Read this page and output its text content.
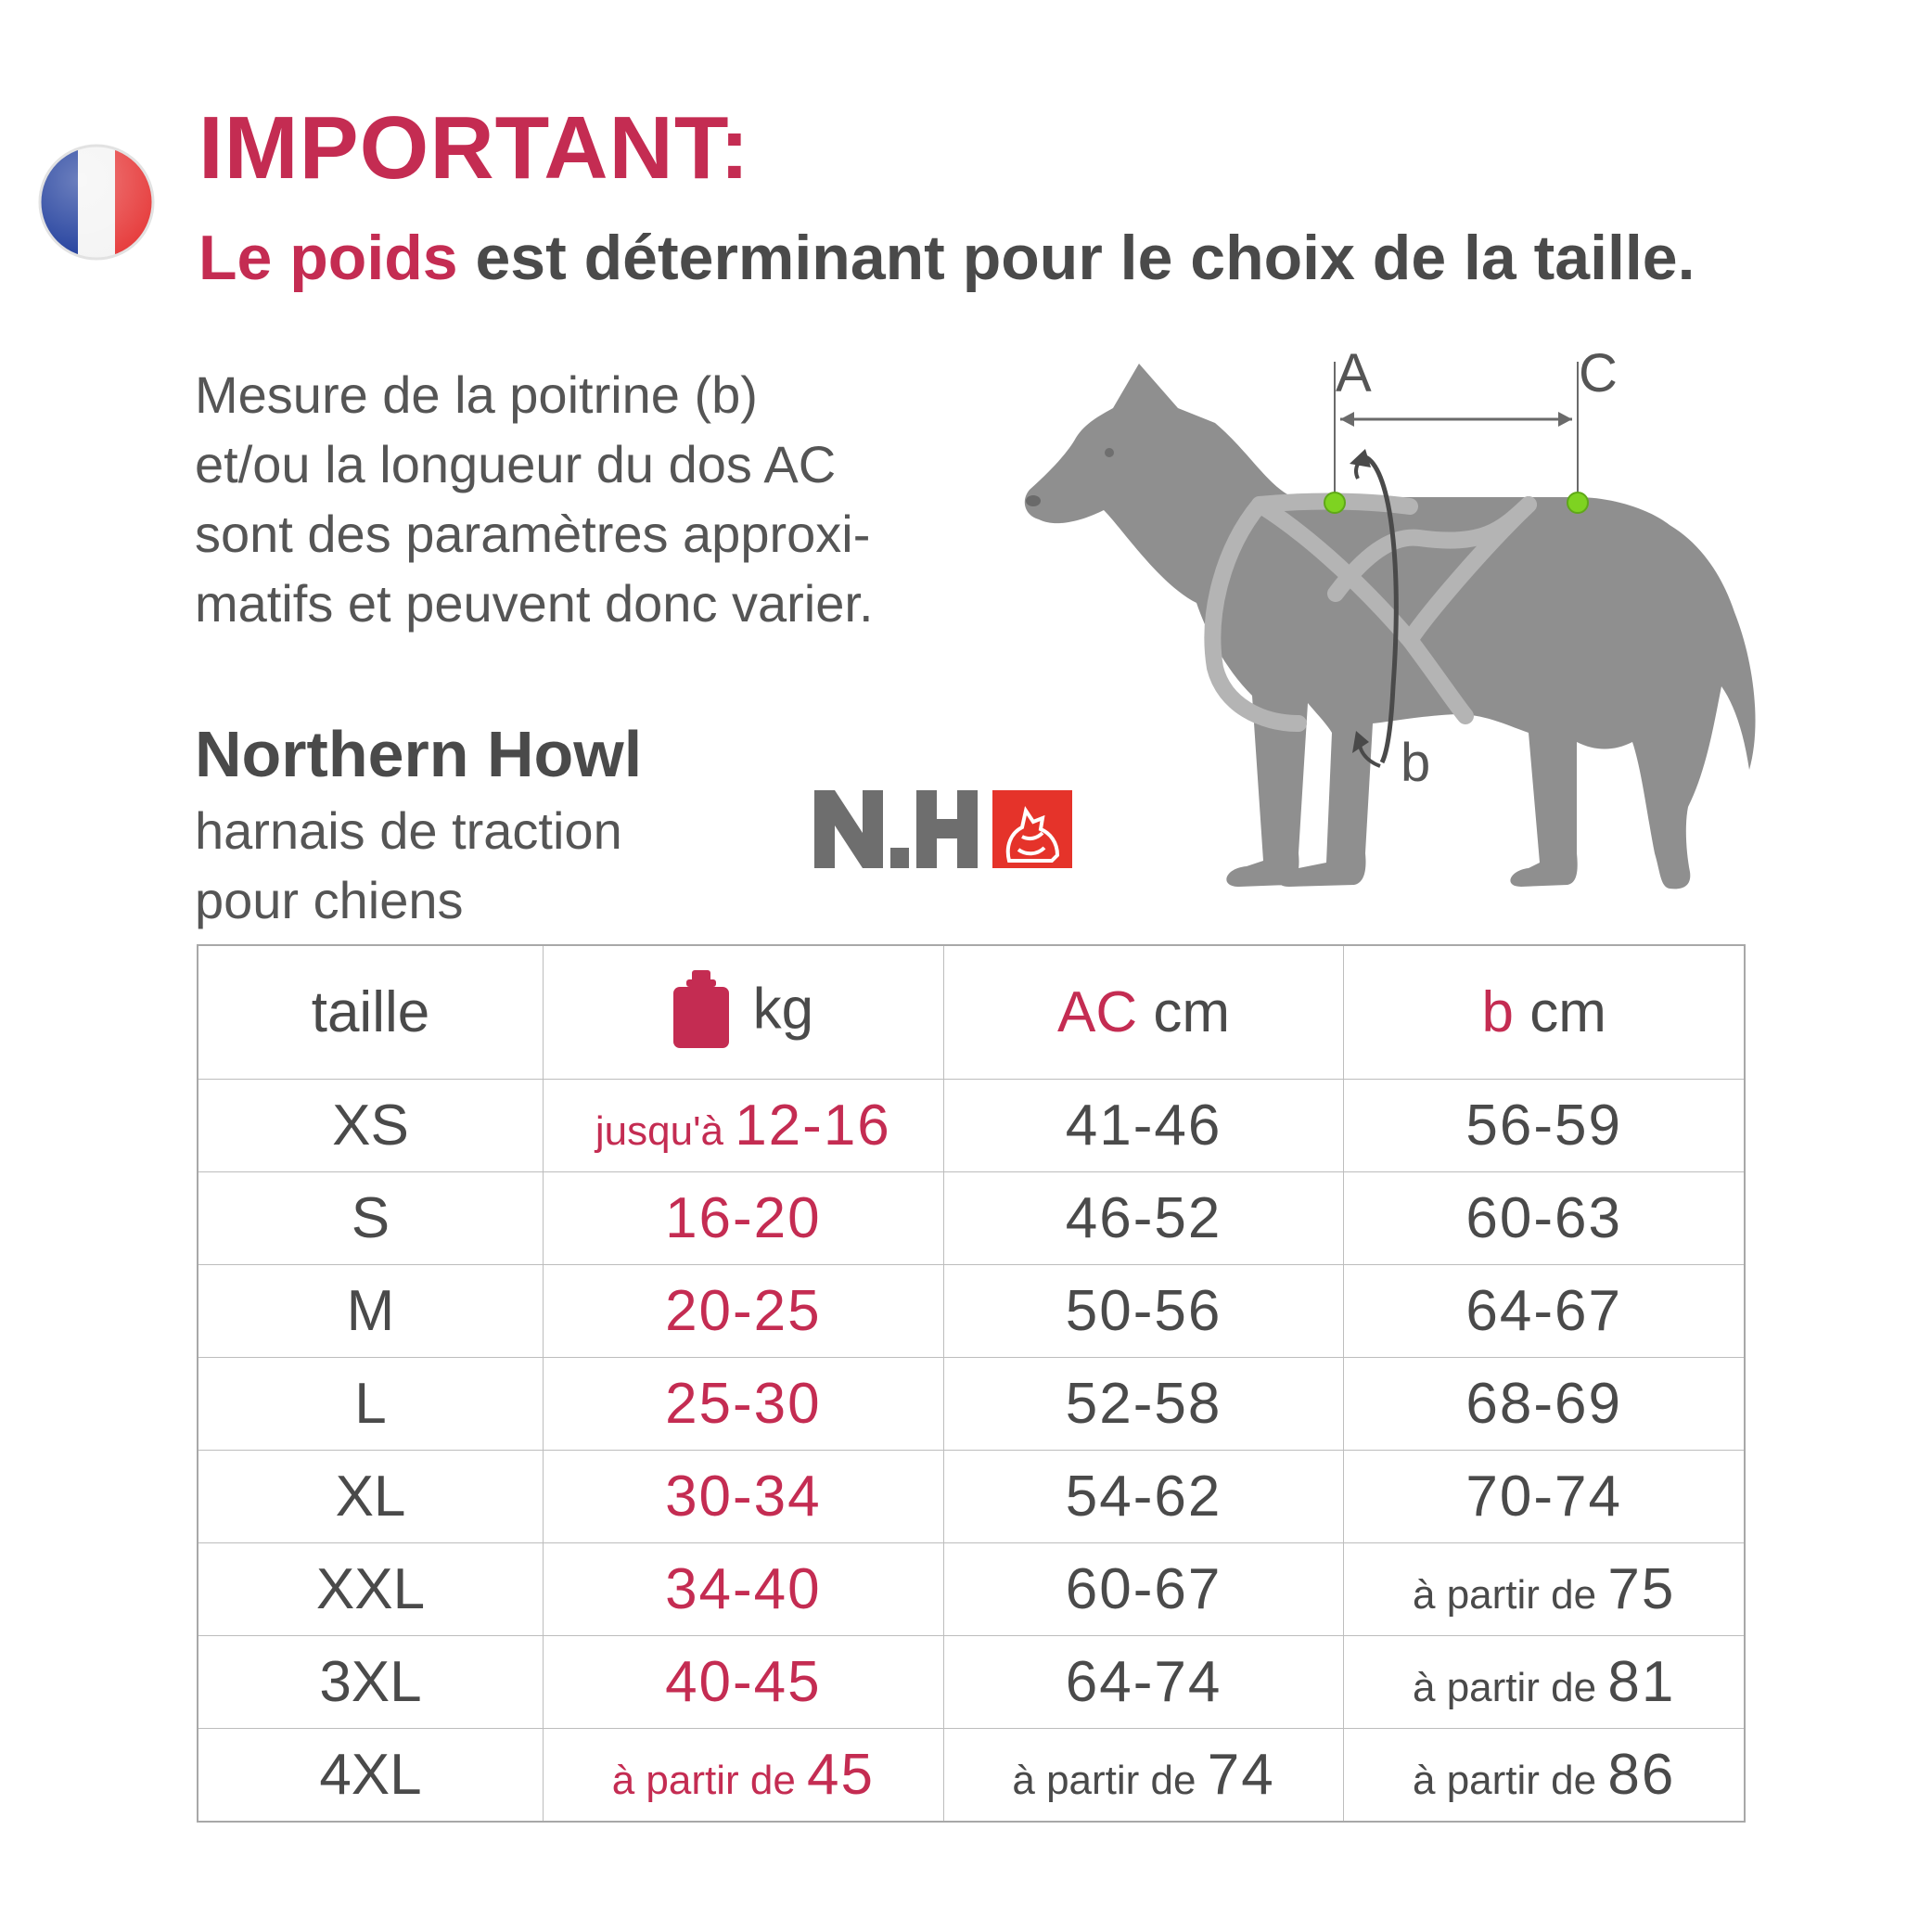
IMPORTANT:
Le poids est déterminant pour le choix de la taille.
Mesure de la poitrine (b)
et/ou la longueur du dos AC
sont des paramètres approxi-
matifs et peuvent donc varier.
Northern Howl
harnais de traction
pour chiens
A	C
b
taille	kg	AC cm	b cm
XS	jusqu'à 12-16	41-46	56-59
S	16-20	46-52	60-63
M	20-25	50-56	64-67
L	25-30	52-58	68-69
XL	30-34	54-62	70-74
XXL	34-40	60-67	à partir de 75
3XL	40-45	64-74	à partir de 81
4XL	à partir de 45	à partir de 74	à partir de 86
